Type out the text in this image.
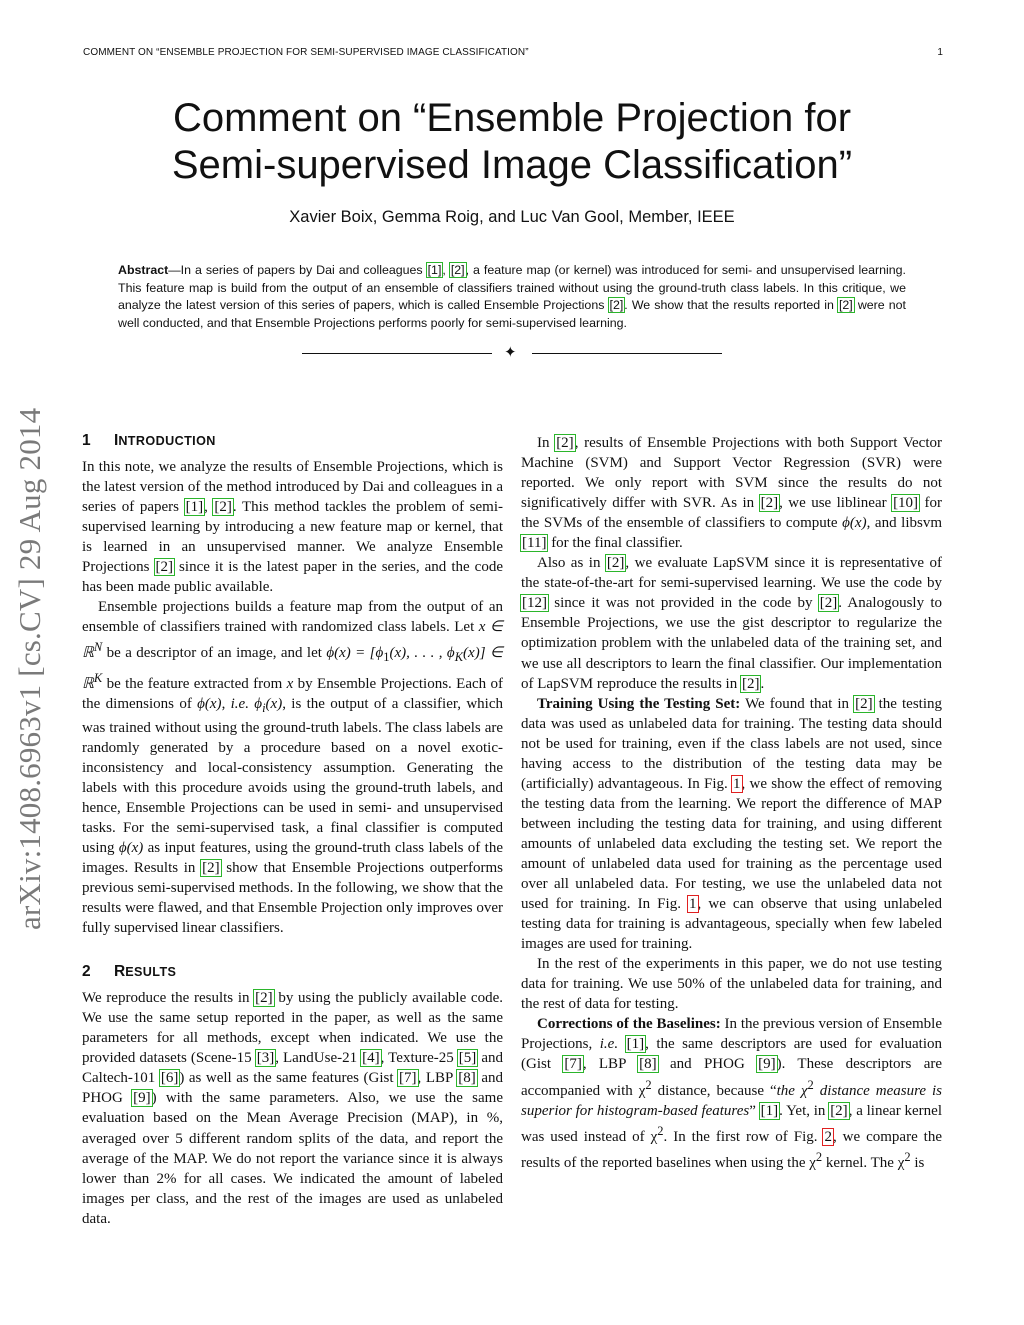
COMMENT ON “ENSEMBLE PROJECTION FOR SEMI-SUPERVISED IMAGE CLASSIFICATION”	1
Comment on “Ensemble Projection for
Semi-supervised Image Classification”
Xavier Boix, Gemma Roig, and Luc Van Gool, Member, IEEE

Abstract—In a series of papers by Dai and colleagues [1], [2], a feature map (or kernel) was introduced for semi- and unsupervised learning. This feature map is build from the output of an ensemble of classifiers trained without using the ground-truth class labels. In this critique, we analyze the latest version of this series of papers, which is called Ensemble Projections [2]. We show that the results reported in [2] were not well conducted, and that Ensemble Projections performs poorly for semi-supervised learning.

✦
arXiv:1408.6963v1 [cs.CV] 29 Aug 2014 1 INTRODUCTION

In this note, we analyze the results of Ensemble Projections, which is the latest version of the method introduced by Dai and colleagues in a series of papers [1], [2]. This method tackles the problem of semi-supervised learning by introducing a new feature map or kernel, that is learned in an unsupervised manner. We analyze Ensemble Projections [2] since it is the latest paper in the series, and the code has been made public available.

Ensemble projections builds a feature map from the output of an ensemble of classifiers trained with randomized class labels. Let x ∈ ℝ$^N$ be a descriptor of an image, and let $\phi(x) = [\phi_1(x)$, . . . , $\phi_K(x)$] ∈ ℝ$^K$ be the feature extracted from x by Ensemble Projections. Each of the dimensions of ϕ(x), i.e. $\phi_i(x)$, is the output of a classifier, which was trained without using the ground-truth labels. The class labels are randomly generated by a procedure based on a novel exotic-inconsistency and local-consistency assumption. Generating the labels with this procedure avoids using the ground-truth labels, and hence, Ensemble Projections can be used in semi- and unsupervised tasks. For the semi-supervised task, a final classifier is computed using ϕ(x) as input features, using the ground-truth class labels of the images. Results in [2] show that Ensemble Projections outperforms previous semi-supervised methods. In the following, we show that the results were flawed, and that Ensemble Projection only improves over fully supervised linear classifiers.

2 RESULTS

We reproduce the results in [2] by using the publicly available code. We use the same setup reported in the paper, as well as the same parameters for all methods, except when indicated. We use the provided datasets (Scene-15 [3], LandUse-21 [4], Texture-25 [5] and Caltech-101 [6]) as well as the same features (Gist [7], LBP [8] and PHOG [9]) with the same parameters. Also, we use the same evaluation based on the Mean Average Precision (MAP), in %, averaged over 5 different random splits of the data, and report the average of the MAP. We do not report the variance since it is always lower than 2% for all cases. We indicated the amount of labeled images per class, and the rest of the images are used as unlabeled data.

In [2], results of Ensemble Projections with both Support Vector Machine (SVM) and Support Vector Regression (SVR) were reported. We only report with SVM since the results do not significatively differ with SVR. As in [2], we use liblinear [10] for the SVMs of the ensemble of classifiers to compute ϕ(x), and libsvm [11] for the final classifier.

Also as in [2], we evaluate LapSVM since it is representative of the state-of-the-art for semi-supervised learning. We use the code by [12] since it was not provided in the code by [2]. Analogously to Ensemble Projections, we use the gist descriptor to regularize the optimization problem with the unlabeled data of the training set, and we use all descriptors to learn the final classifier. Our implementation of LapSVM reproduce the results in [2].

Training Using the Testing Set: We found that in [2] the testing data was used as unlabeled data for training. The testing data should not be used for training, even if the class labels are not used, since having access to the distribution of the testing data may be (artificially) advantageous. In Fig. 1, we show the effect of removing the testing data from the learning. We report the difference of MAP between including the testing data for training, and using different amounts of unlabeled data excluding the testing set. We report the amount of unlabeled data used for training as the percentage used over all unlabeled data. For testing, we use the unlabeled data not used for training. In Fig. 1, we can observe that using unlabeled testing data for training is advantageous, specially when few labeled images are used for training.

In the rest of the experiments in this paper, we do not use testing data for training. We use 50% of the unlabeled data for training, and the rest of data for testing.

Corrections of the Baselines: In the previous version of Ensemble Projections, i.e. [1], the same descriptors are used for evaluation (Gist [7], LBP [8] and PHOG [9]). These descriptors are accompanied with $\chi^2$ distance, because “the $\chi^2$ distance measure is superior for histogram-based features” [1]. Yet, in [2], a linear kernel was used instead of $\chi^2$. In the first row of Fig. 2, we compare the results of the reported baselines when using the $\chi^2$ kernel. The $\chi^2$ is
